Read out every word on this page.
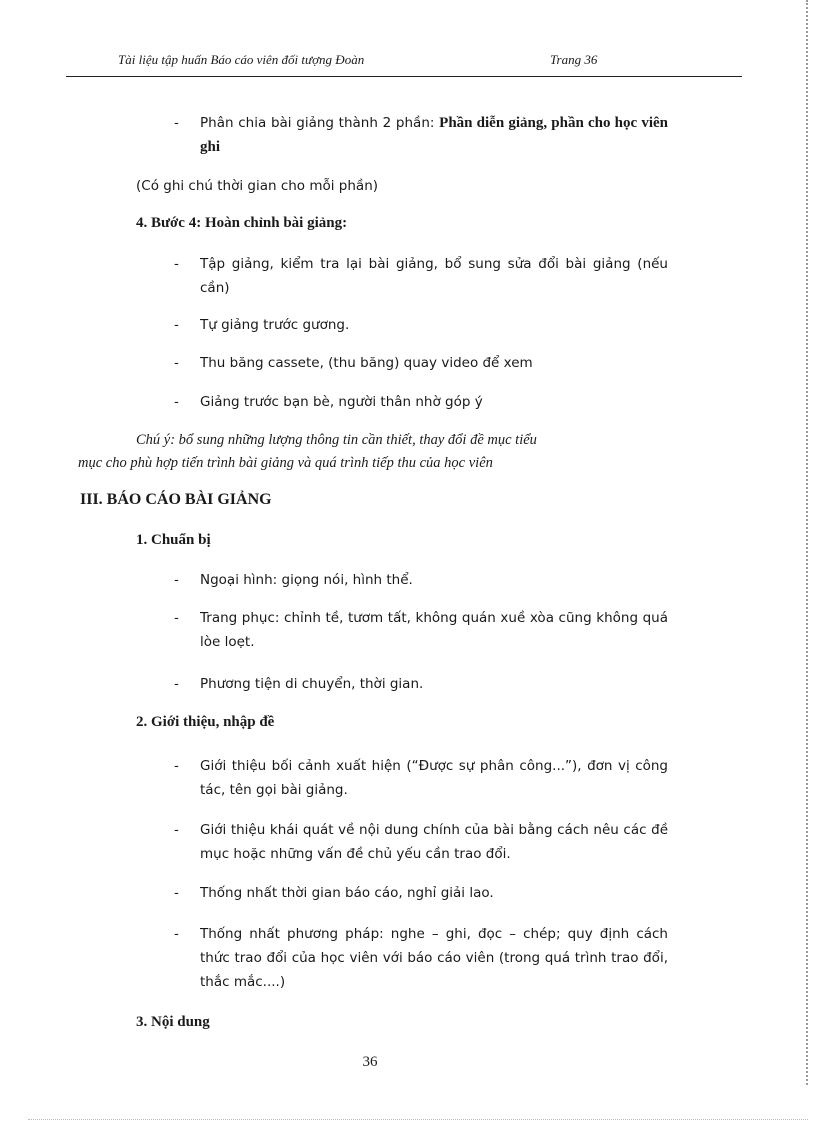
Tài liệu tập huấn Báo cáo viên đối tượng Đoàn	Trang 36
- Phân chia bài giảng thành 2 phần: Phần diễn giảng, phần cho học viên ghi
(Có ghi chú thời gian cho mỗi phần)
4. Bước 4: Hoàn chỉnh bài giảng:
- Tập giảng, kiểm tra lại bài giảng, bổ sung sửa đổi bài giảng (nếu cần)
- Tự giảng trước gương.
- Thu băng cassete, (thu băng) quay video để xem
- Giảng trước bạn bè, người thân nhờ góp ý
Chú ý: bổ sung những lượng thông tin cần thiết, thay đổi đề mục tiểu
mục cho phù hợp tiến trình bài giảng và quá trình tiếp thu của học viên
III. BÁO CÁO BÀI GIẢNG
1. Chuẩn bị
- Ngoại hình: giọng nói, hình thể.
- Trang phục: chỉnh tề, tươm tất, không quán xuề xòa cũng không quá lòe loẹt.
- Phương tiện di chuyển, thời gian.
2. Giới thiệu, nhập đề
- Giới thiệu bối cảnh xuất hiện (“Được sự phân công...”), đơn vị công tác, tên gọi bài giảng.
- Giới thiệu khái quát về nội dung chính của bài bằng cách nêu các đề mục hoặc những vấn đề chủ yếu cần trao đổi.
- Thống nhất thời gian báo cáo, nghỉ giải lao.
- Thống nhất phương pháp: nghe – ghi, đọc – chép; quy định cách thức trao đổi của học viên với báo cáo viên (trong quá trình trao đổi, thắc mắc....)
3. Nội dung
36
